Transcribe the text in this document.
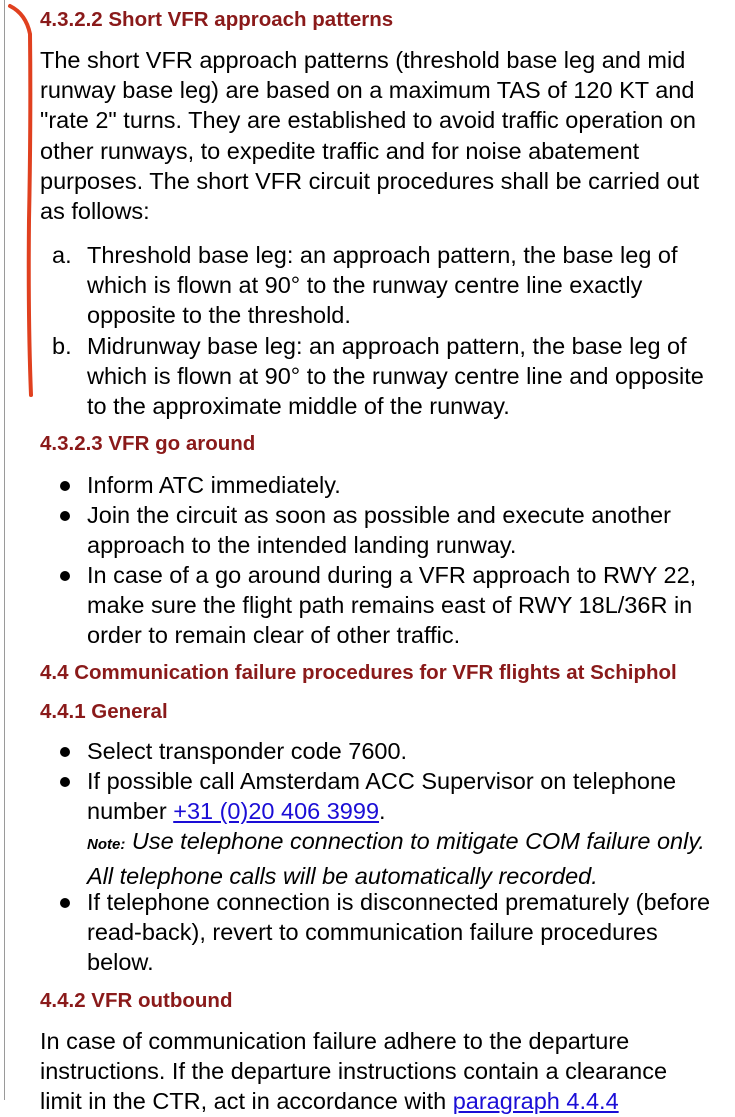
4.3.2.2 Short VFR approach patterns
The short VFR approach patterns (threshold base leg and mid
runway base leg) are based on a maximum TAS of 120 KT and
"rate 2" turns. They are established to avoid traffic operation on
other runways, to expedite traffic and for noise abatement
purposes. The short VFR circuit procedures shall be carried out
as follows:
a. Threshold base leg: an approach pattern, the base leg of
which is flown at 90° to the runway centre line exactly
opposite to the threshold.
b. Midrunway base leg: an approach pattern, the base leg of
which is flown at 90° to the runway centre line and opposite
to the approximate middle of the runway.
4.3.2.3 VFR go around
Inform ATC immediately.
Join the circuit as soon as possible and execute another
approach to the intended landing runway.
In case of a go around during a VFR approach to RWY 22,
make sure the flight path remains east of RWY 18L/36R in
order to remain clear of other traffic.
4.4 Communication failure procedures for VFR flights at Schiphol
4.4.1 General
Select transponder code 7600.
If possible call Amsterdam ACC Supervisor on telephone
number +31 (0)20 406 3999.
Note: Use telephone connection to mitigate COM failure only.
All telephone calls will be automatically recorded.
If telephone connection is disconnected prematurely (before
read-back), revert to communication failure procedures
below.
4.4.2 VFR outbound
In case of communication failure adhere to the departure
instructions. If the departure instructions contain a clearance
limit in the CTR, act in accordance with paragraph 4.4.4
